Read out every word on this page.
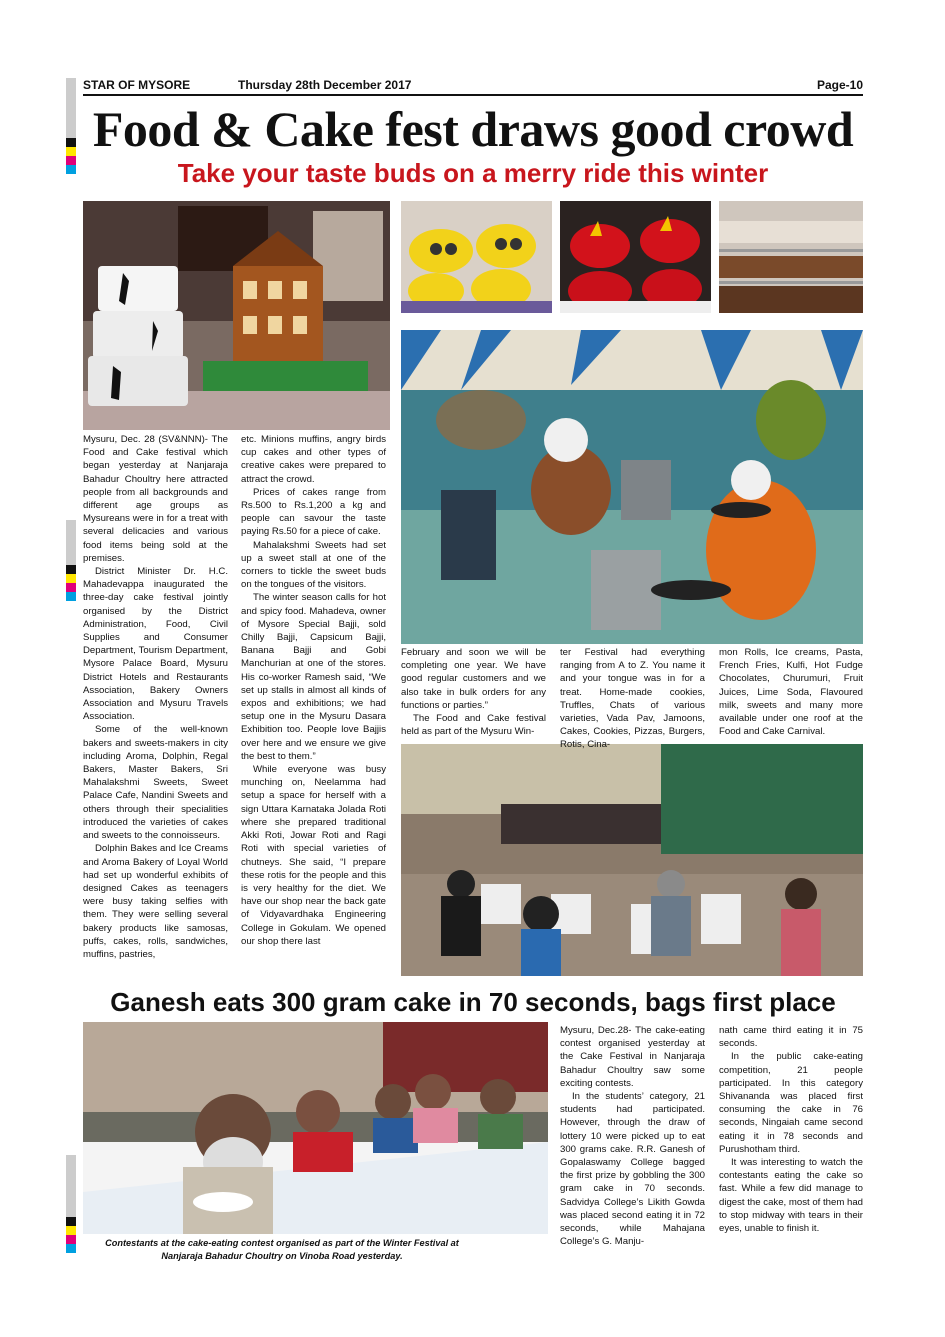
STAR OF MYSORE	Thursday 28th December 2017	Page-10
Food & Cake fest draws good crowd
Take your taste buds on a merry ride this winter

Mysuru, Dec. 28 (SV&NNN)- The Food and Cake festival which began yesterday at Nanjaraja Bahadur Choultry here attracted people from all backgrounds and different age groups as Mysureans were in for a treat with several delicacies and various food items being sold at the premises.

District Minister Dr. H.C. Mahadevappa inaugurated the three-day cake festival jointly organised by the District Administration, Food, Civil Supplies and Consumer Department, Tourism Department, Mysore Palace Board, Mysuru District Hotels and Restaurants Association, Bakery Owners Association and Mysuru Travels Association.

Some of the well-known bakers and sweets-makers in city including Aroma, Dolphin, Regal Bakers, Master Bakers, Sri Mahalakshmi Sweets, Sweet Palace Cafe, Nandini Sweets and others through their specialities introduced the varieties of cakes and sweets to the connoisseurs.

Dolphin Bakes and Ice Creams and Aroma Bakery of Loyal World had set up wonderful exhibits of designed Cakes as teenagers were busy taking selfies with them. They were selling several bakery products like samosas, puffs, cakes, rolls, sandwiches, muffins, pastries,

etc. Minions muffins, angry birds cup cakes and other types of creative cakes were prepared to attract the crowd.

Prices of cakes range from Rs.500 to Rs.1,200 a kg and people can savour the taste paying Rs.50 for a piece of cake.

Mahalakshmi Sweets had set up a sweet stall at one of the corners to tickle the sweet buds on the tongues of the visitors.

The winter season calls for hot and spicy food. Mahadeva, owner of Mysore Special Bajji, sold Chilly Bajji, Capsicum Bajji, Banana Bajji and Gobi Manchurian at one of the stores. His co-worker Ramesh said, “We set up stalls in almost all kinds of expos and exhibitions; we had setup one in the Mysuru Dasara Exhibition too. People love Bajjis over here and we ensure we give the best to them.”

While everyone was busy munching on, Neelamma had setup a space for herself with a sign Uttara Karnataka Jolada Roti where she prepared traditional Akki Roti, Jowar Roti and Ragi Roti with special varieties of chutneys. She said, “I prepare these rotis for the people and this is very healthy for the diet. We have our shop near the back gate of Vidyavardhaka Engineering College in Gokulam. We opened our shop there last

February and soon we will be completing one year. We have good regular customers and we also take in bulk orders for any functions or parties.”

The Food and Cake festival held as part of the Mysuru Win-

ter Festival had everything ranging from A to Z. You name it and your tongue was in for a treat. Home-made cookies, Truffles, Chats of various varieties, Vada Pav, Jamoons, Cakes, Cookies, Pizzas, Burgers, Rotis, Cina-

mon Rolls, Ice creams, Pasta, French Fries, Kulfi, Hot Fudge Chocolates, Churumuri, Fruit Juices, Lime Soda, Flavoured milk, sweets and many more available under one roof at the Food and Cake Carnival.

Ganesh eats 300 gram cake in 70 seconds, bags first place
Contestants at the cake-eating contest organised as part of the Winter Festival at Nanjaraja Bahadur Choultry on Vinoba Road yesterday.

Mysuru, Dec.28- The cake-eating contest organised yesterday at the Cake Festival in Nanjaraja Bahadur Choultry saw some exciting contests.

In the students’ category, 21 students had participated. However, through the draw of lottery 10 were picked up to eat 300 grams cake. R.R. Ganesh of Gopalaswamy College bagged the first prize by gobbling the 300 gram cake in 70 seconds. Sadvidya College’s Likith Gowda was placed second eating it in 72 seconds, while Mahajana College’s G. Manju-

nath came third eating it in 75 seconds.

In the public cake-eating competition, 21 people participated. In this category Shivananda was placed first consuming the cake in 76 seconds, Ningaiah came second eating it in 78 seconds and Purushotham third.

It was interesting to watch the contestants eating the cake so fast. While a few did manage to digest the cake, most of them had to stop midway with tears in their eyes, unable to finish it.
